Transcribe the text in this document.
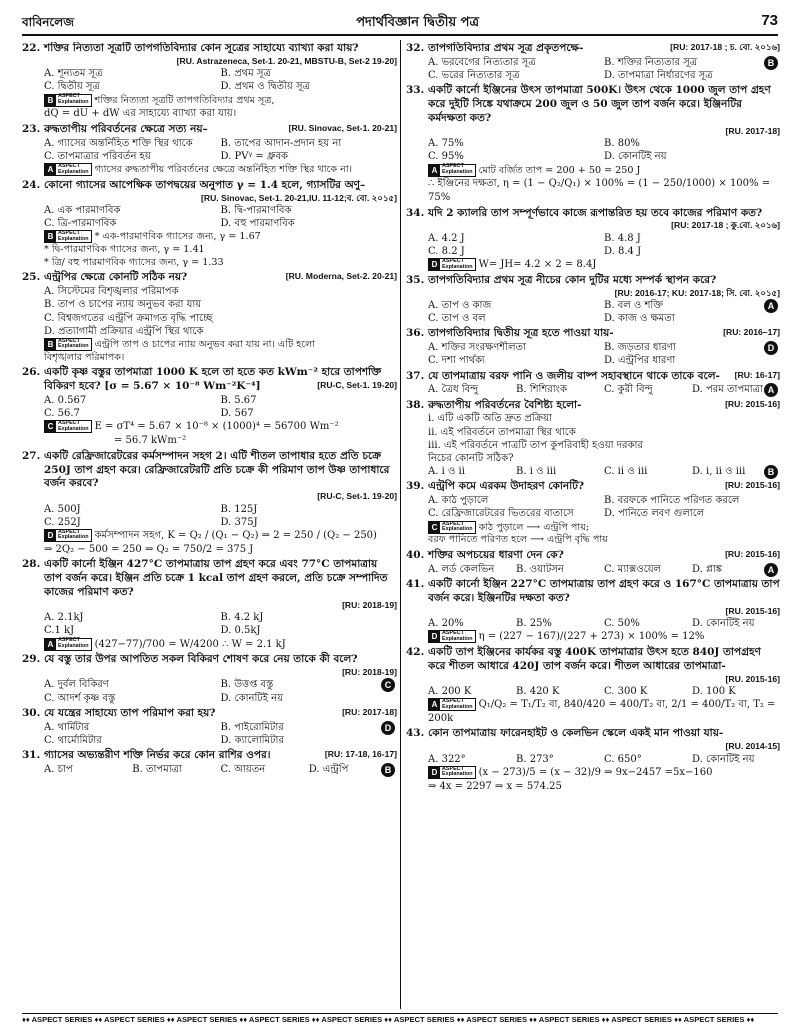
বাবিনলেজ	পদার্থবিজ্ঞান দ্বিতীয় পত্র	73
22. শক্তির নিত্যতা সূত্রটি তাপগতিবিদ্যার কোন সূত্রের সাহায্যে ব্যাখ্যা করা যায়?
[RU. Astrazeneca, Set-1. 20-21, MBSTU-B, Set-2 19-20]
A. শূন্যতম সূত্র	B. প্রথম সূত্র
C. দ্বিতীয় সূত্র	D. প্রথম ও দ্বিতীয় সূত্র
B ASPECT
Explanation শক্তির নিত্যতা সূত্রটি তাপগতিবিদ্যার প্রথম সূত্র,
dQ = dU + dW এর সাহায্যে ব্যাখ্যা করা যায়।
23. রুদ্ধতাপীয় পরিবর্তনের ক্ষেত্রে সত্য নয়–	[RU. Sinovac, Set-1. 20-21]
A. গ্যাসের অন্তর্নিহিত শক্তি স্থির থাকে	B. তাপের আদান-প্রদান হয় না
C. তাপমাত্রার পরিবর্তন হয়	D. PVᵞ = ধ্রুবক
A ASPECT
Explanation গ্যাসের রুদ্ধতাপীয় পরিবর্তনের ক্ষেত্রে অন্তর্নিহিত শক্তি স্থির থাকে না।
24. কোনো গ্যাসের আপেক্ষিক তাপদ্বয়ের অনুপাত γ = 1.4 হলে, গ্যাসটির অণু–
[RU. Sinovac, Set-1. 20-21,IU. 11-12;ব. বো. ২০১৫]
A. এক পারমাণবিক	B. দ্বি-পারমাণবিক
C. ত্রি-পারমাণবিক	D. বহু পারমাণবিক
B ASPECT
Explanation * এক-পারমাণবিক গ্যাসের জন্য, γ = 1.67
* দ্বি-পারমাণবিক গ্যাসের জন্য, γ = 1.41
* ত্রি/ বহু পারমাণবিক গ্যাসের জন্য, γ = 1.33
25. এন্ট্রপির ক্ষেত্রে কোনটি সঠিক নয়?	[RU. Moderna, Set-2. 20-21]
A. সিস্টেমের বিশৃঙ্খলার পরিমাপক
B. তাপ ও চাপের ন্যায় অনুভব করা যায়
C. বিশ্বজগতের এন্ট্রপি ক্রমাগত বৃদ্ধি পাচ্ছে
D. প্রত্যাগামী প্রক্রিয়ার এন্ট্রপি স্থির থাকে
B ASPECT
Explanation এন্ট্রপি তাপ ও চাপের ন্যায় অনুভব করা যায় না। এটি হলো
বিশৃঙ্খলার পরিমাপক।
26. একটি কৃষ্ণ বস্তুর তাপমাত্রা 1000 K হলে তা হতে কত kWm⁻² হারে তাপশক্তি বিকিরণ হবে? [σ = 5.67 × 10⁻⁸ Wm⁻²K⁻⁴]	[RU-C, Set-1. 19-20]
A. 0.567	B. 5.67
C. 56.7	D. 567
C ASPECT
Explanation E = σT⁴ = 5.67 × 10⁻⁸ × (1000)⁴ = 56700 Wm⁻²
= 56.7 kWm⁻²
27. একটি রেফ্রিজারেটরের কর্মসম্পাদন সহগ 2। এটি শীতল তাপাধার হতে প্রতি চক্রে 250J তাপ গ্রহণ করে। রেফ্রিজারেটরটি প্রতি চক্রে কী পরিমাণ তাপ উষ্ণ তাপাধারে বর্জন করবে?
[RU-C, Set-1. 19-20]
A. 500J	B. 125J
C. 252J	D. 375J
D ASPECT
Explanation কর্মসম্পাদন সহগ, K = Q₂ / (Q₁ − Q₂) ⇒ 2 = 250 / (Q₂ − 250)
⇒ 2Q₂ − 500 = 250 ⇒ Q₂ = 750/2 = 375 J
28. একটি কার্নো ইঞ্জিন 427°C তাপমাত্রায় তাপ গ্রহণ করে এবং 77°C তাপমাত্রায় তাপ বর্জন করে। ইঞ্জিন প্রতি চক্রে 1 kcal তাপ গ্রহণ করলে, প্রতি চক্রে সম্পাদিত কাজের পরিমাণ কত?
[RU: 2018-19]
A. 2.1kJ	B. 4.2 kJ
C.1 kJ	D. 0.5kJ
A ASPECT
Explanation (427−77)/700 = W/4200 ∴ W = 2.1 kJ
29. যে বস্তু তার উপর আপতিত সকল বিকিরণ শোষণ করে নেয় তাকে কী বলে?
[RU: 2018-19]
A. দুর্বল বিকিরণ	B. উত্তপ্ত বস্তু
C. আদর্শ কৃষ্ণ বস্তু	D. কোনটিই নয়
C
30. যে যন্ত্রের সাহায্যে তাপ পরিমাপ করা হয়?	[RU: 2017-18]
A. থার্মিটার	B. পাইরোমিটার
C. থার্মোমিটার	D. ক্যালোমিটার
D
31. গ্যাসের অভ্যন্তরীণ শক্তি নির্ভর করে কোন রাশির ওপর।	[RU: 17-18, 16-17]
A. চাপ	B. তাপমাত্রা	C. আয়তন	D. এন্ট্রপি	B
32. তাপগতিবিদ্যার প্রথম সূত্র প্রকৃতপক্ষে-	[RU: 2017-18 ; চ. বো. ২০১৬]
A. ভরবেগের নিত্যতার সূত্র	B. শক্তির নিত্যতার সূত্র
C. ভরের নিত্যতার সূত্র	D. তাপমাত্রা নির্ধারণের সূত্র
B
33. একটি কার্নো ইঞ্জিনের উৎস তাপমাত্রা 500K। উৎস থেকে 1000 জুল তাপ গ্রহণ করে দুইটি সিঙ্কে যথাক্রমে 200 জুল ও 50 জুল তাপ বর্জন করে। ইঞ্জিনটির কর্মদক্ষতা কত?
[RU. 2017-18]
A. 75%	B. 80%
C. 95%	D. কোনটিই নয়
A ASPECT
Explanation মোট বর্জিত তাপ = 200 + 50 = 250 J
∴ ইঞ্জিনের দক্ষতা, η = (1 − Q₂/Q₁) × 100% = (1 − 250/1000) × 100% = 75%
34. যদি 2 ক্যালরি তাপ সম্পূর্ণভাবে কাজে রূপান্তরিত হয় তবে কাজের পরিমাণ কত?
[RU: 2017-18 ; কু.বো. ২০১৬]
A. 4.2 J	B. 4.8 J
C. 8.2 J	D. 8.4 J
D ASPECT
Explanation W= JH= 4.2 × 2 = 8.4J
35. তাপগতিবিদ্যার প্রথম সূত্র নীচের কোন দুটির মধ্যে সম্পর্ক স্থাপন করে?
[RU: 2016-17; KU: 2017-18; সি. বো. ২০১৫]
A. তাপ ও কাজ	B. বল ও শক্তি
C. তাপ ও বল	D. কাজ ও ক্ষমতা
A
36. তাপগতিবিদ্যার দ্বিতীয় সূত্র হতে পাওয়া যায়-	[RU: 2016–17]
A. শক্তির সংরক্ষণশীলতা	B. জড়তার ধারণা
C. দশা পার্থক্য	D. এন্ট্রপির ধারণা
D
37. যে তাপমাত্রায় বরফ পানি ও জলীয় বাষ্প সহাবস্থানে থাকে তাকে বলে- [RU: 16-17]
A. ত্রৈধ বিন্দু	B. শিশিরাংক	C. কুরী বিন্দু	D. পরম তাপমাত্রা A
38. রুদ্ধতাপীয় পরিবর্তনের বৈশিষ্ট্য হলো-	[RU: 2015-16]
i. এটি একটি অতি দ্রুত প্রক্রিয়া
ii. এই পরিবর্তনে তাপমাত্রা স্থির থাকে
iii. এই পরিবর্তনে পাত্রটি তাপ কুপরিবাহী হওয়া দরকার
নিচের কোনটি সঠিক?
A. i ও ii	B. i ও iii	C. ii ও iii	D. i, ii ও iii	B
39. এন্ট্রপি কমে এরকম উদাহরণ কোনটি?	[RU: 2015-16]
A. কাঠ পুড়ালে	B. বরফকে পানিতে পরিণত করলে
C. রেফ্রিজারেটরের ভিতরের বাতাসে	D. পানিতে লবণ গুলালে
C ASPECT
Explanation কাঠ পুড়ালে ⟶ এন্ট্রপি পায়;
বরফ পানিতে পরিণত হলে ⟶ এন্ট্রপি বৃদ্ধি পায়
40. শক্তির অপচয়ের ধারণা দেন কে?	[RU: 2015-16]
A. লর্ড কেলভিন	B. ওয়াটসন	C. ম্যাক্সওয়েল	D. প্লাঙ্ক	A
41. একটি কার্নো ইঞ্জিন 227°C তাপমাত্রায় তাপ গ্রহণ করে ও 167°C তাপমাত্রায় তাপ বর্জন করে। ইঞ্জিনটির দক্ষতা কত?
[RU. 2015-16]
A. 20%	B. 25%	C. 50%	D. কোনটিই নয়
D ASPECT
Explanation η = (227 − 167)/(227 + 273) × 100% = 12%
42. একটি তাপ ইঞ্জিনের কার্যকর বস্তু 400K তাপমাত্রার উৎস হতে 840J তাপগ্রহণ করে শীতল আধারে 420J তাপ বর্জন করে। শীতল আধারের তাপমাত্রা-
[RU. 2015-16]
A. 200 K	B. 420 K	C. 300 K	D. 100 K
A ASPECT
Explanation Q₁/Q₂ = T₁/T₂ বা, 840/420 = 400/T₂ বা, 2/1 = 400/T₂ বা, T₂ = 200k
43. কোন তাপমাত্রায় ফারেনহাইট ও কেলভিন স্কেলে একই মান পাওয়া যায়-
[RU. 2014-15]
A. 322°	B. 273°	C. 650°	D. কোনটিই নয়
D ASPECT
Explanation (x − 273)/5 = (x − 32)/9 ⇒ 9x−2457 =5x−160
⇒ 4x = 2297 ⇒ x = 574.25
♦♦ ASPECT SERIES ♦♦ ASPECT SERIES ♦♦ ASPECT SERIES ♦♦ ASPECT SERIES ♦♦ ASPECT SERIES ♦♦ ASPECT SERIES ♦♦ ASPECT SERIES ♦♦ ASPECT SERIES ♦♦ ASPECT SERIES ♦♦ ASPECT SERIES ♦♦
